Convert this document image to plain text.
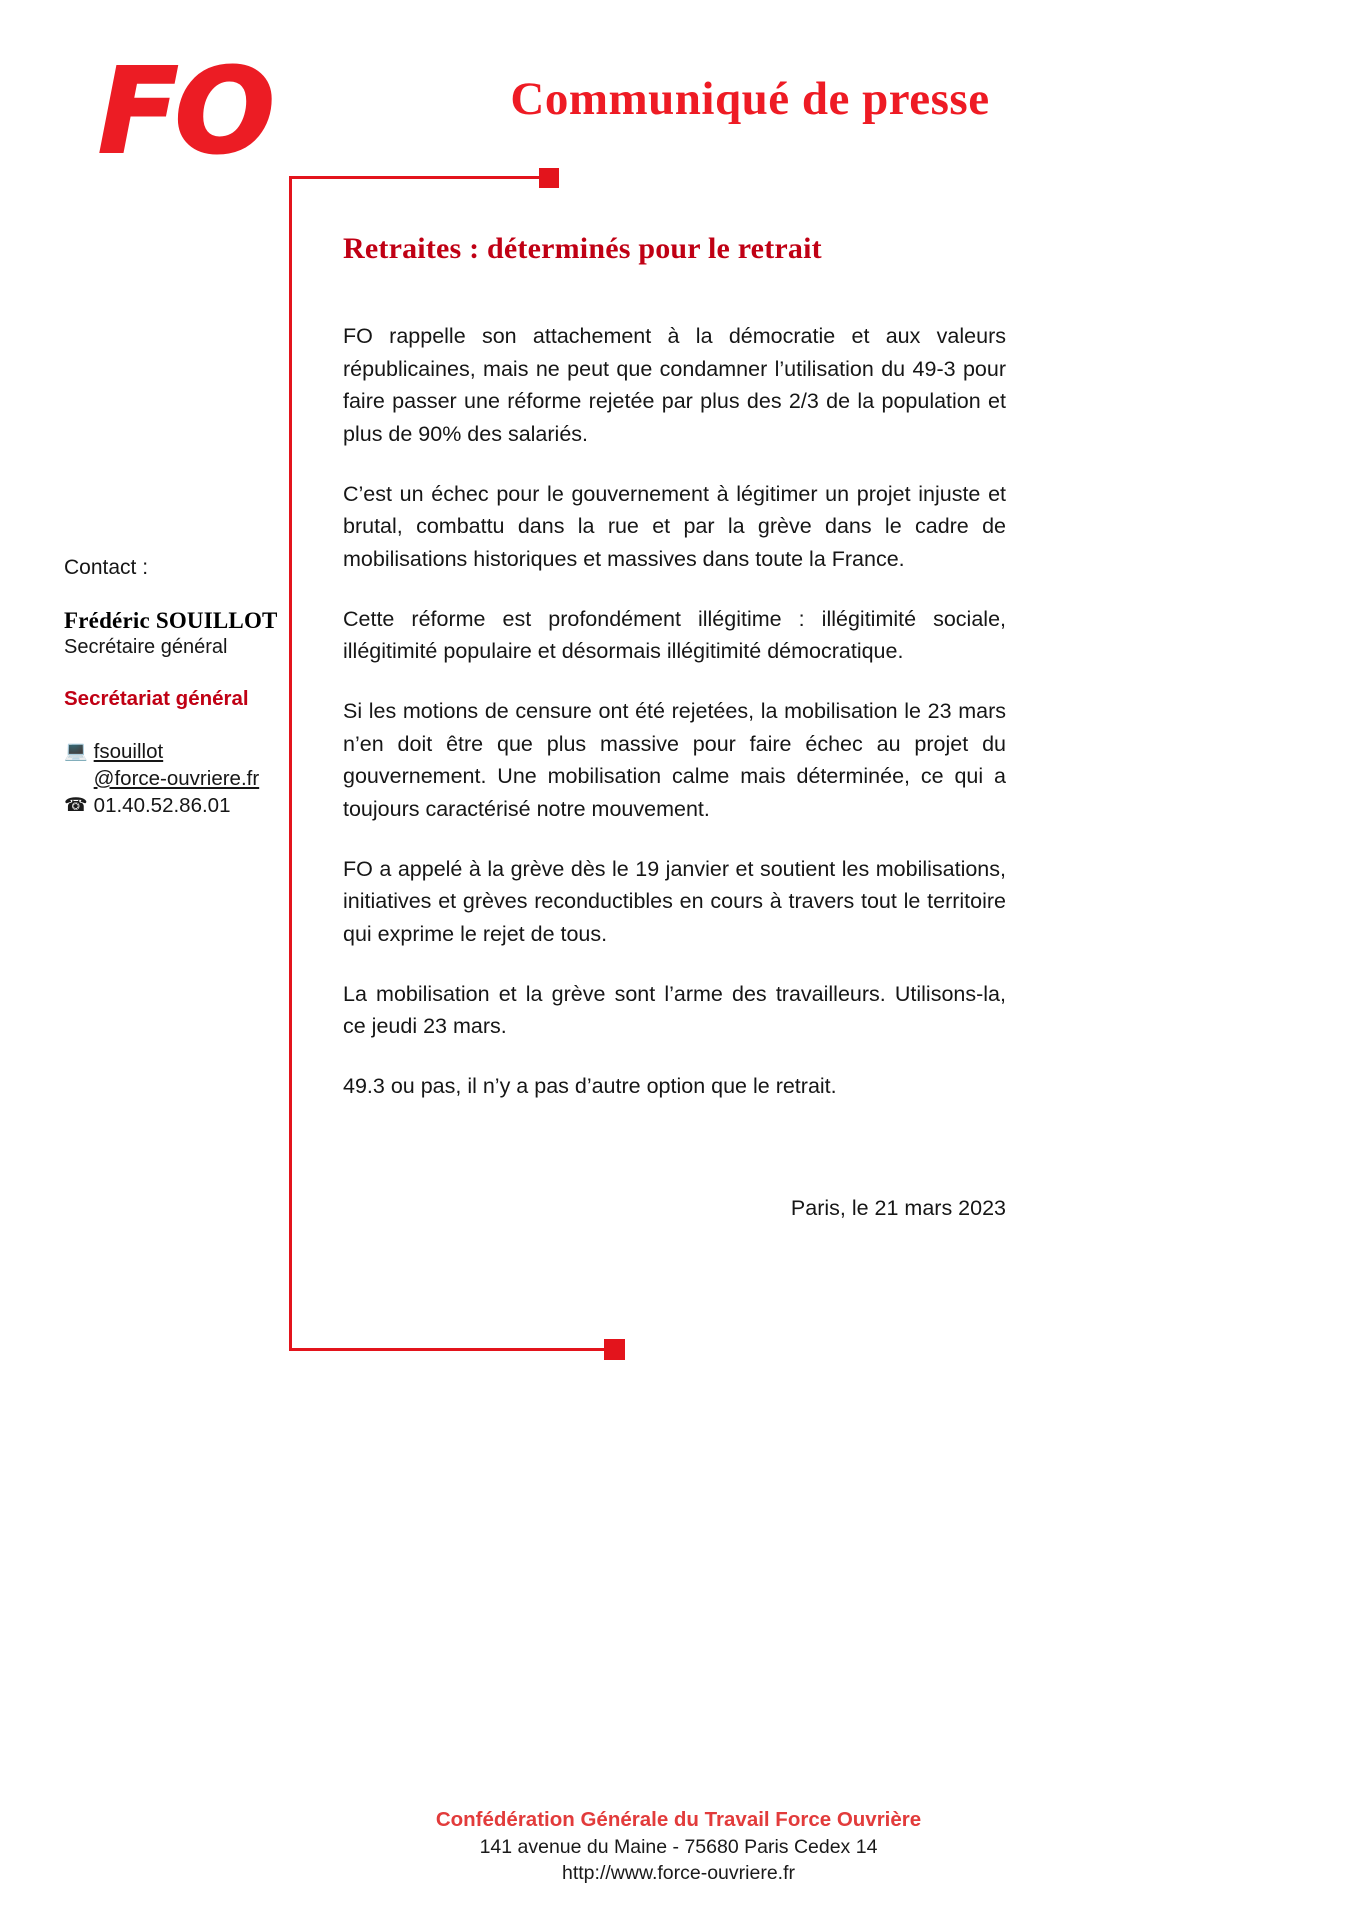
FO	Communiqué de presse
Retraites : déterminés pour le retrait

FO rappelle son attachement à la démocratie et aux valeurs républicaines, mais ne peut que condamner l’utilisation du 49-3 pour faire passer une réforme rejetée par plus des 2/3 de la population et plus de 90% des salariés.

C’est un échec pour le gouvernement à légitimer un projet injuste et brutal, combattu dans la rue et par la grève dans le cadre de mobilisations historiques et massives dans toute la France.

Cette réforme est profondément illégitime : illégitimité sociale, illégitimité populaire et désormais illégitimité démocratique.

Si les motions de censure ont été rejetées, la mobilisation le 23 mars n’en doit être que plus massive pour faire échec au projet du gouvernement. Une mobilisation calme mais déterminée, ce qui a toujours caractérisé notre mouvement.

FO a appelé à la grève dès le 19 janvier et soutient les mobilisations, initiatives et grèves reconductibles en cours à travers tout le territoire qui exprime le rejet de tous.

La mobilisation et la grève sont l’arme des travailleurs. Utilisons-la, ce jeudi 23 mars.

49.3 ou pas, il n’y a pas d’autre option que le retrait.

Paris, le 21 mars 2023
Contact :
Frédéric SOUILLOT
Secrétaire général
Secrétariat général
💻 fsouillot
@force-ouvriere.fr
☎ 01.40.52.86.01
Confédération Générale du Travail Force Ouvrière
141 avenue du Maine - 75680 Paris Cedex 14
http://www.force-ouvriere.fr
